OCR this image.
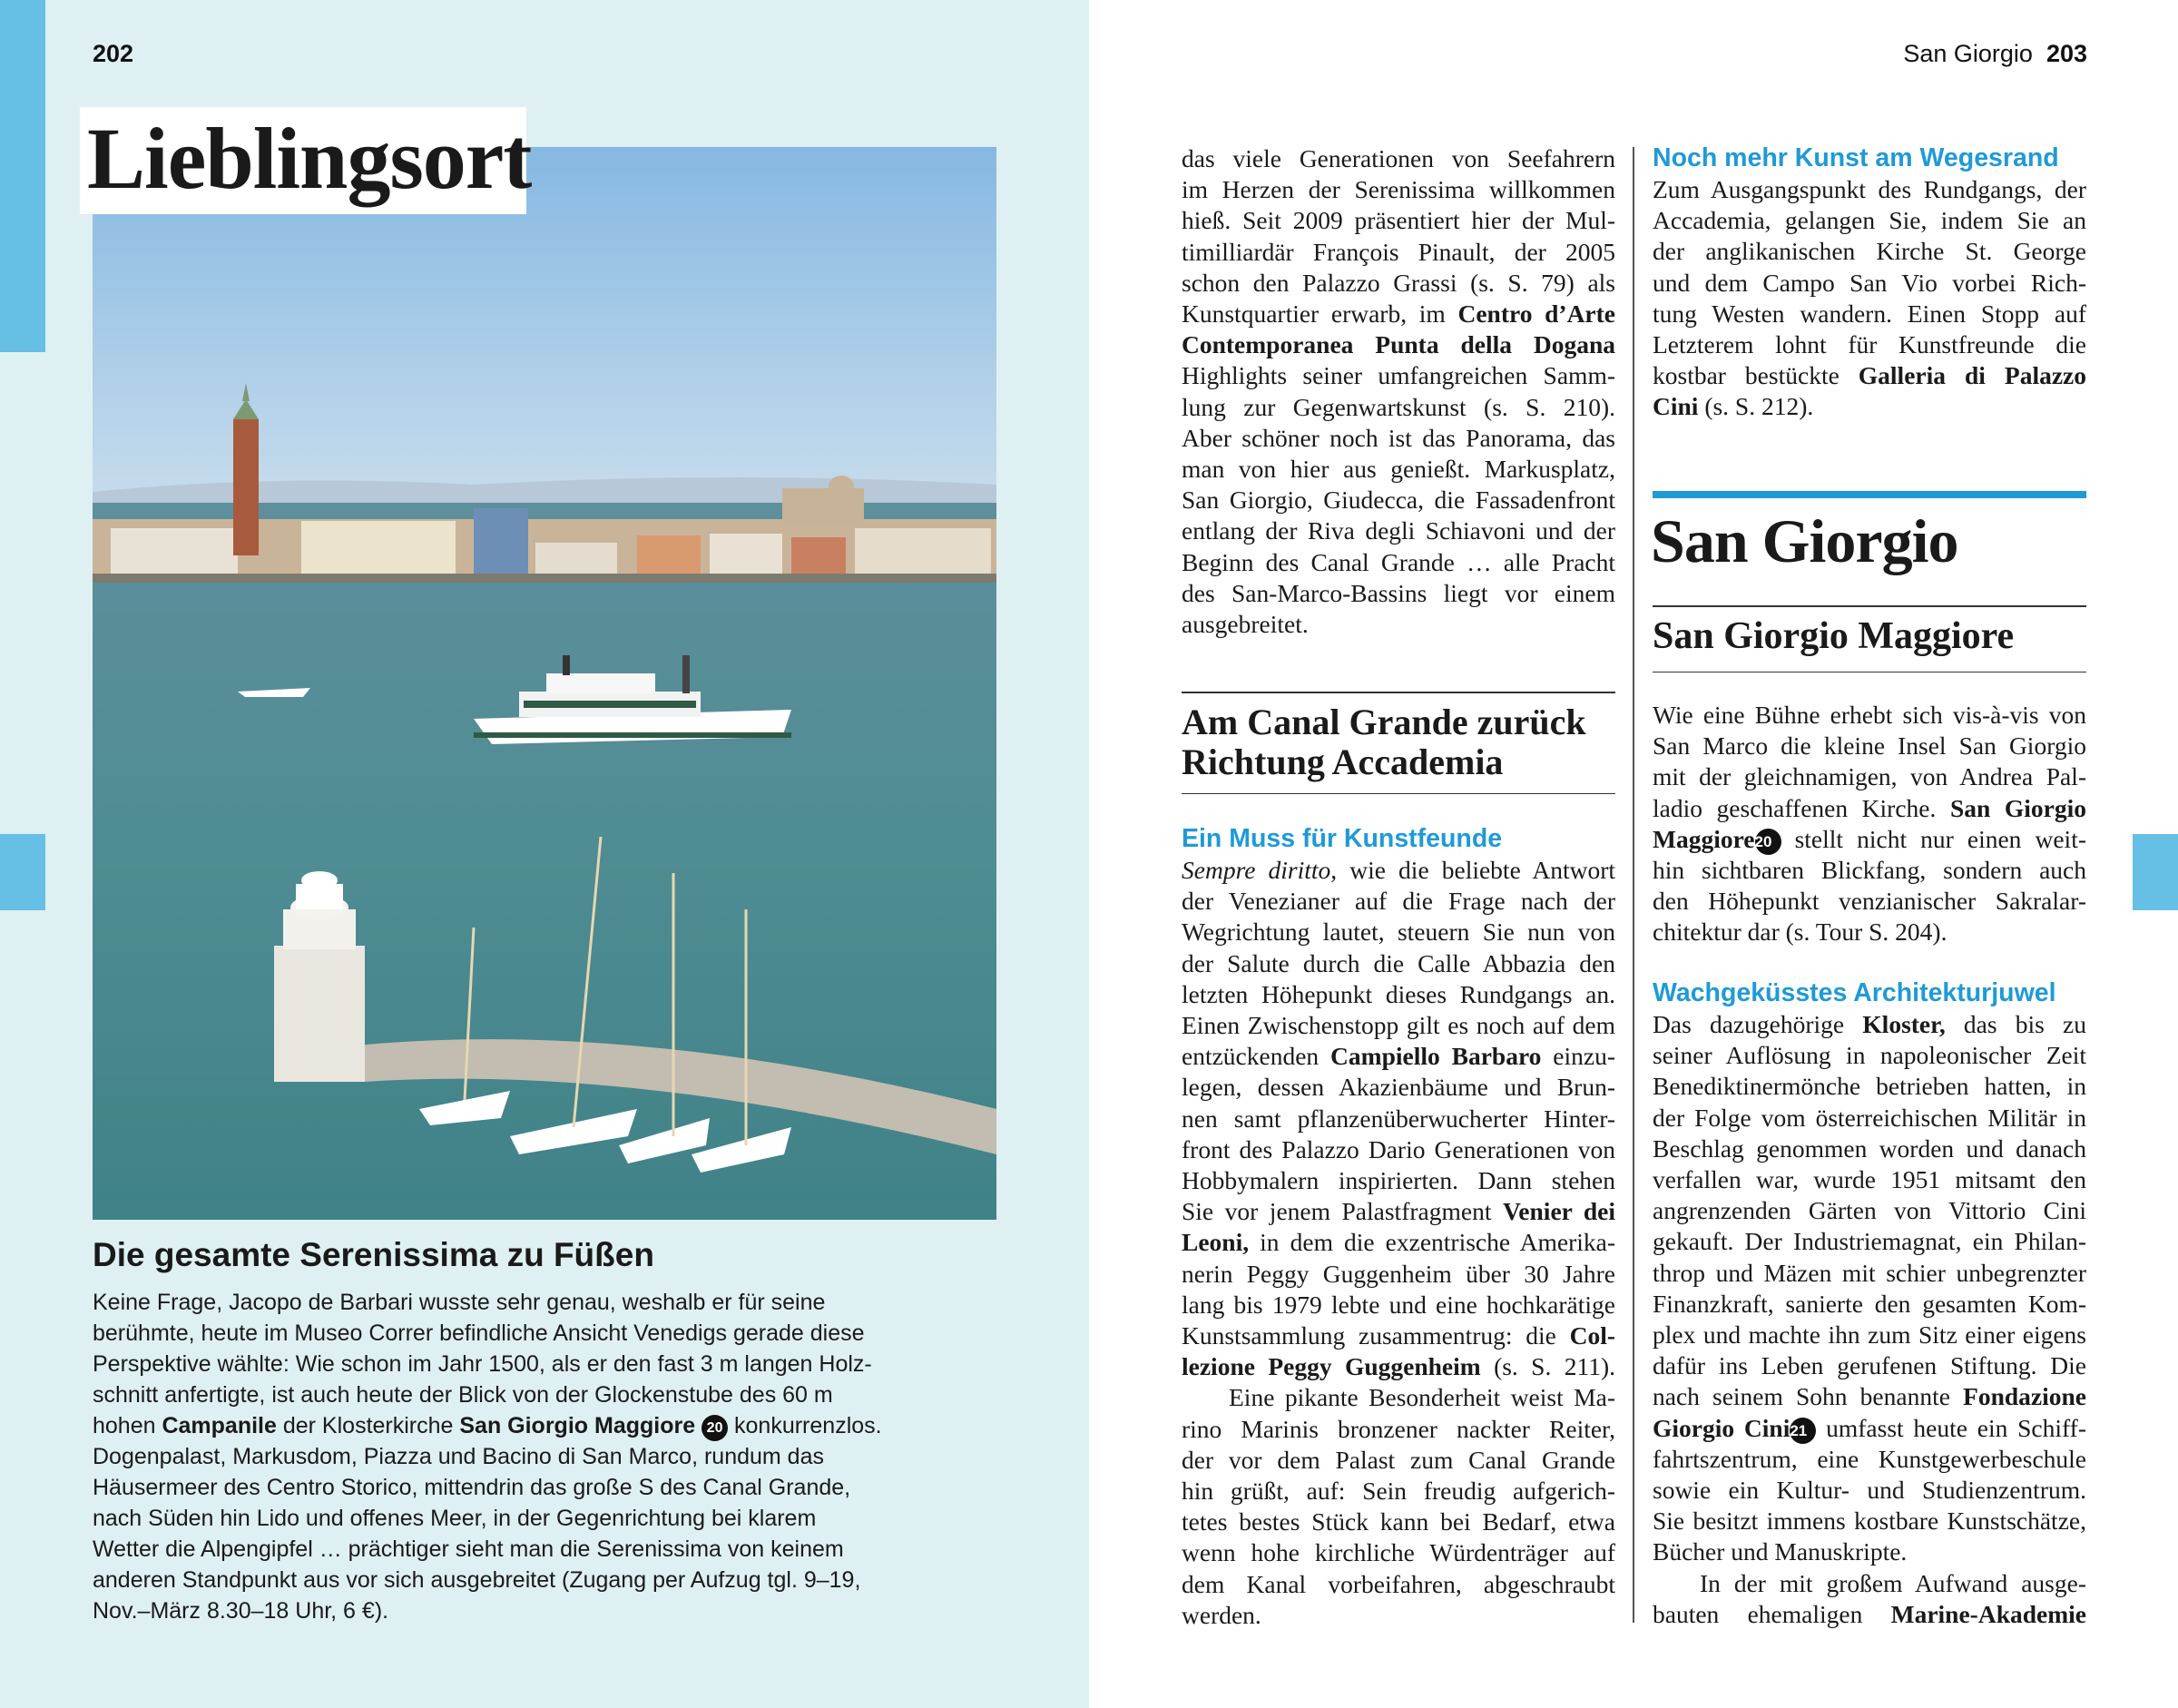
202
Lieblingsort
Die gesamte Serenissima zu Füßen
Keine Frage, Jacopo de Barbari wusste sehr genau, weshalb er für seine
berühmte, heute im Museo Correr befindliche Ansicht Venedigs gerade diese
Perspektive wählte: Wie schon im Jahr 1500, als er den fast 3 m langen Holz-
schnitt anfertigte, ist auch heute der Blick von der Glockenstube des 60 m
hohen Campanile der Klosterkirche San Giorgio Maggiore 20 konkurrenzlos.
Dogenpalast, Markusdom, Piazza und Bacino di San Marco, rundum das
Häusermeer des Centro Storico, mittendrin das große S des Canal Grande,
nach Süden hin Lido und offenes Meer, in der Gegenrichtung bei klarem
Wetter die Alpengipfel … prächtiger sieht man die Serenissima von keinem
anderen Standpunkt aus vor sich ausgebreitet (Zugang per Aufzug tgl. 9–19,
Nov.–März 8.30–18 Uhr, 6 €).
San Giorgio 203
das viele Generationen von Seefahrern
im Herzen der Serenissima willkommen
hieß. Seit 2009 präsentiert hier der Mul-
timilliardär François Pinault, der 2005
schon den Palazzo Grassi (s. S. 79) als
Kunstquartier erwarb, im Centro d’Arte
Contemporanea Punta della Dogana
Highlights seiner umfangreichen Samm-
lung zur Gegenwartskunst (s. S. 210).
Aber schöner noch ist das Panorama, das
man von hier aus genießt. Markusplatz,
San Giorgio, Giudecca, die Fassadenfront
entlang der Riva degli Schiavoni und der
Beginn des Canal Grande … alle Pracht
des San-Marco-Bassins liegt vor einem
ausgebreitet.
Am Canal Grande zurück
Richtung Accademia
Ein Muss für Kunstfeunde
Sempre diritto, wie die beliebte Antwort
der Venezianer auf die Frage nach der
Wegrichtung lautet, steuern Sie nun von
der Salute durch die Calle Abbazia den
letzten Höhepunkt dieses Rundgangs an.
Einen Zwischenstopp gilt es noch auf dem
entzückenden Campiello Barbaro einzu-
legen, dessen Akazienbäume und Brun-
nen samt pflanzenüberwucherter Hinter-
front des Palazzo Dario Generationen von
Hobbymalern inspirierten. Dann stehen
Sie vor jenem Palastfragment Venier dei
Leoni, in dem die exzentrische Amerika-
nerin Peggy Guggenheim über 30 Jahre
lang bis 1979 lebte und eine hochkarätige
Kunstsammlung zusammentrug: die Col-
lezione Peggy Guggenheim (s. S. 211).
Eine pikante Besonderheit weist Ma-
rino Marinis bronzener nackter Reiter,
der vor dem Palast zum Canal Grande
hin grüßt, auf: Sein freudig aufgerich-
tetes bestes Stück kann bei Bedarf, etwa
wenn hohe kirchliche Würdenträger auf
dem Kanal vorbeifahren, abgeschraubt
werden.
Noch mehr Kunst am Wegesrand
Zum Ausgangspunkt des Rundgangs, der
Accademia, gelangen Sie, indem Sie an
der anglikanischen Kirche St. George
und dem Campo San Vio vorbei Rich-
tung Westen wandern. Einen Stopp auf
Letzterem lohnt für Kunstfreunde die
kostbar bestückte Galleria di Palazzo
Cini (s. S. 212).
San Giorgio
San Giorgio Maggiore
Wie eine Bühne erhebt sich vis-à-vis von
San Marco die kleine Insel San Giorgio
mit der gleichnamigen, von Andrea Pal-
ladio geschaffenen Kirche. San Giorgio
Maggiore20 stellt nicht nur einen weit-
hin sichtbaren Blickfang, sondern auch
den Höhepunkt venzianischer Sakralar-
chitektur dar (s. Tour S. 204).
Wachgeküsstes Architekturjuwel
Das dazugehörige Kloster, das bis zu
seiner Auflösung in napoleonischer Zeit
Benediktinermönche betrieben hatten, in
der Folge vom österreichischen Militär in
Beschlag genommen worden und danach
verfallen war, wurde 1951 mitsamt den
angrenzenden Gärten von Vittorio Cini
gekauft. Der Industriemagnat, ein Philan-
throp und Mäzen mit schier unbegrenzter
Finanzkraft, sanierte den gesamten Kom-
plex und machte ihn zum Sitz einer eigens
dafür ins Leben gerufenen Stiftung. Die
nach seinem Sohn benannte Fondazione
Giorgio Cini21 umfasst heute ein Schiff-
fahrtszentrum, eine Kunstgewerbeschule
sowie ein Kultur- und Studienzentrum.
Sie besitzt immens kostbare Kunstschätze,
Bücher und Manuskripte.
In der mit großem Aufwand ausge-
bauten ehemaligen Marine-Akademie
